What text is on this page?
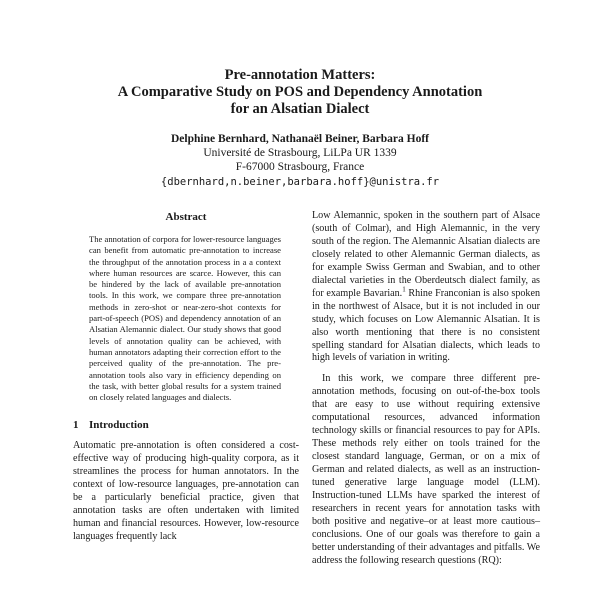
Pre-annotation Matters:
A Comparative Study on POS and Dependency Annotation
for an Alsatian Dialect
Delphine Bernhard, Nathanaël Beiner, Barbara Hoff
Université de Strasbourg, LiLPa UR 1339
F-67000 Strasbourg, France
{dbernhard,n.beiner,barbara.hoff}@unistra.fr
Abstract

The annotation of corpora for lower-resource languages can benefit from automatic pre-annotation to increase the throughput of the annotation process in a a context where human resources are scarce. However, this can be hindered by the lack of available pre-annotation tools. In this work, we compare three pre-annotation methods in zero-shot or near-zero-shot contexts for part-of-speech (POS) and dependency annotation of an Alsatian Alemannic dialect. Our study shows that good levels of annotation quality can be achieved, with human annotators adapting their correction effort to the perceived quality of the pre-annotation. The pre-annotation tools also vary in efficiency depending on the task, with better global results for a system trained on closely related languages and dialects.

1 Introduction

Automatic pre-annotation is often considered a cost-effective way of producing high-quality corpora, as it streamlines the process for human annotators. In the context of low-resource languages, pre-annotation can be a particularly beneficial practice, given that annotation tasks are often undertaken with limited human and financial resources. However, low-resource languages frequently lack

Low Alemannic, spoken in the southern part of Alsace (south of Colmar), and High Alemannic, in the very south of the region. The Alemannic Alsatian dialects are closely related to other Alemannic German dialects, as for example Swiss German and Swabian, and to other dialectal varieties in the Oberdeutsch dialect family, as for example Bavarian.$^1$ Rhine Franconian is also spoken in the northwest of Alsace, but it is not included in our study, which focuses on Low Alemannic Alsatian. It is also worth mentioning that there is no consistent spelling standard for Alsatian dialects, which leads to high levels of variation in writing.

In this work, we compare three different pre-annotation methods, focusing on out-of-the-box tools that are easy to use without requiring extensive computational resources, advanced information technology skills or financial resources to pay for APIs. These methods rely either on tools trained for the closest standard language, German, or on a mix of German and related dialects, as well as an instruction-tuned generative large language model (LLM). Instruction-tuned LLMs have sparked the interest of researchers in recent years for annotation tasks with both positive and negative–or at least more cautious–conclusions. One of our goals was therefore to gain a better understanding of their advantages and pitfalls. We address the following research questions (RQ):
